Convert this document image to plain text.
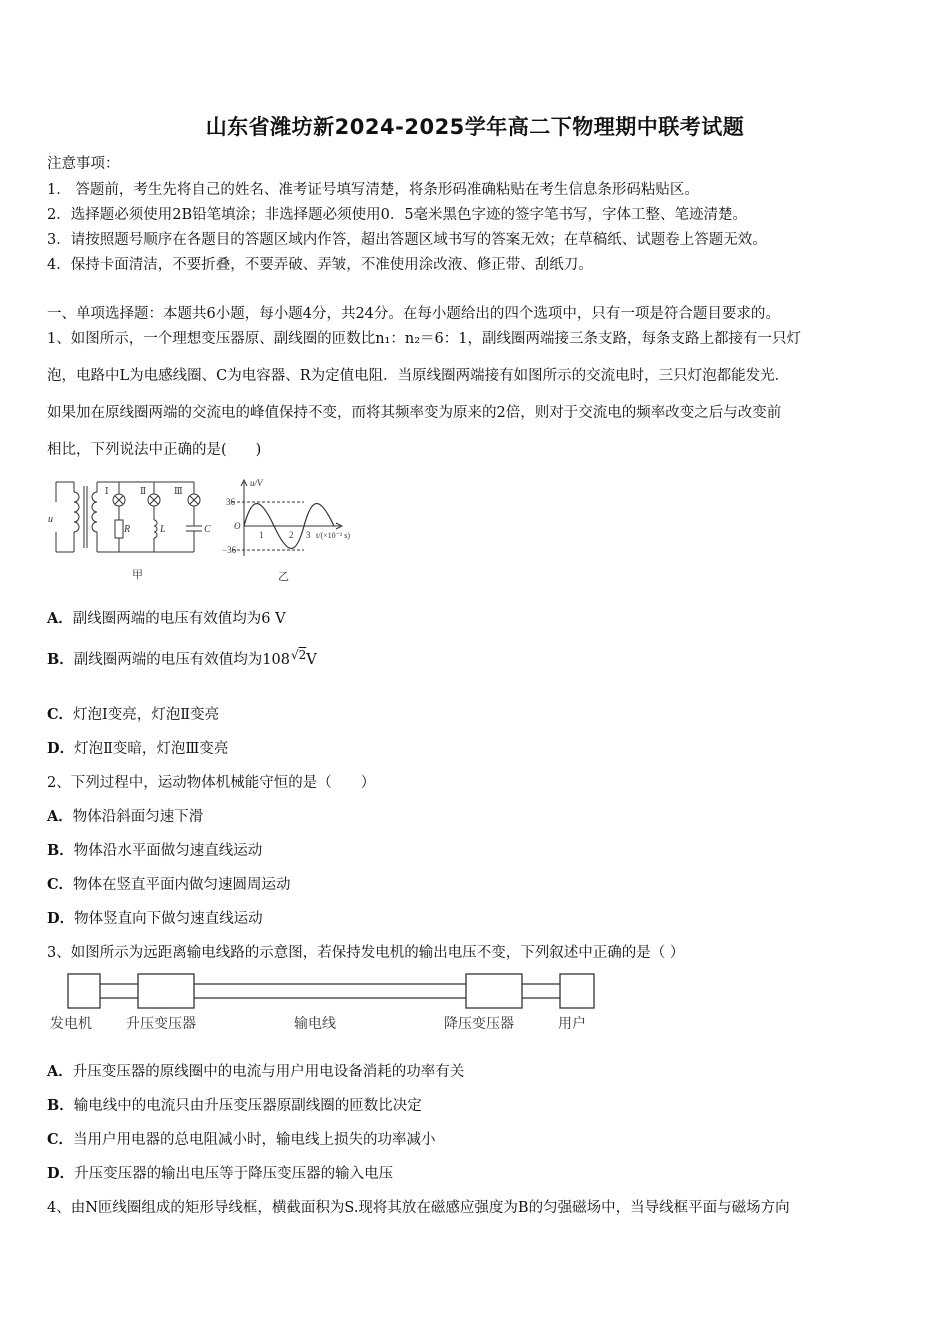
山东省潍坊新2024-2025学年高二下物理期中联考试题
注意事项：
1． 答题前，考生先将自己的姓名、准考证号填写清楚，将条形码准确粘贴在考生信息条形码粘贴区。
2．选择题必须使用2B铅笔填涂；非选择题必须使用0．5毫米黑色字迹的签字笔书写，字体工整、笔迹清楚。
3．请按照题号顺序在各题目的答题区域内作答，超出答题区域书写的答案无效；在草稿纸、试题卷上答题无效。
4．保持卡面清洁，不要折叠，不要弄破、弄皱，不准使用涂改液、修正带、刮纸刀。
一、单项选择题：本题共6小题，每小题4分，共24分。在每小题给出的四个选项中，只有一项是符合题目要求的。
1、如图所示，一个理想变压器原、副线圈的匝数比n₁：n₂＝6：1，副线圈两端接三条支路，每条支路上都接有一只灯
泡，电路中L为电感线圈、C为电容器、R为定值电阻．当原线圈两端接有如图所示的交流电时，三只灯泡都能发光．
如果加在原线圈两端的交流电的峰值保持不变，而将其频率变为原来的2倍，则对于交流电的频率改变之后与改变前
相比，下列说法中正确的是(　　)
u
R	L	C
Ⅰ	Ⅱ	Ⅲ
甲
u/V
36
−36
O
1	2 3 t/(×10⁻² s)
乙
A．副线圈两端的电压有效值均为6 V
B．副线圈两端的电压有效值均为$108^{√2}V$
C．灯泡Ⅰ变亮，灯泡Ⅱ变亮
D．灯泡Ⅱ变暗，灯泡Ⅲ变亮
2、下列过程中，运动物体机械能守恒的是（　　）
A．物体沿斜面匀速下滑
B．物体沿水平面做匀速直线运动
C．物体在竖直平面内做匀速圆周运动
D．物体竖直向下做匀速直线运动
3、如图所示为远距离输电线路的示意图，若保持发电机的输出电压不变，下列叙述中正确的是（ ）
发电机 升压变压器	输电线	降压变压器	用户
A．升压变压器的原线圈中的电流与用户用电设备消耗的功率有关
B．输电线中的电流只由升压变压器原副线圈的匝数比决定
C．当用户用电器的总电阻减小时，输电线上损失的功率减小
D．升压变压器的输出电压等于降压变压器的输入电压
4、由N匝线圈组成的矩形导线框，横截面积为S.现将其放在磁感应强度为B的匀强磁场中，当导线框平面与磁场方向
